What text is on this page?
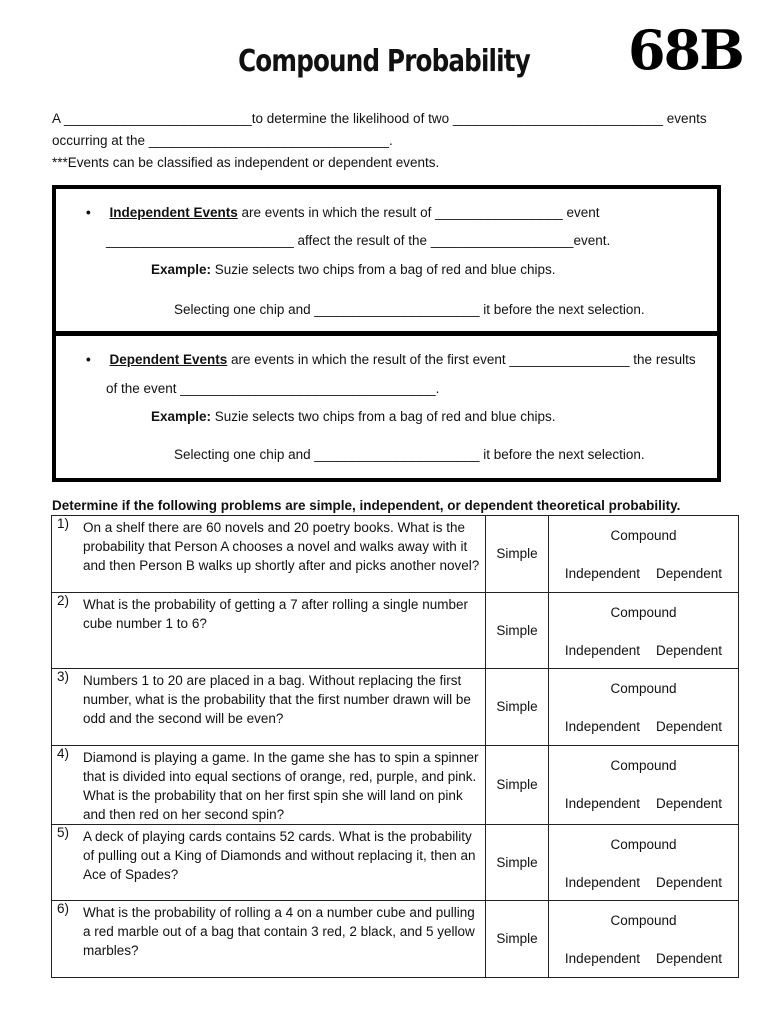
Compound Probability	68B

A _________________________to determine the likelihood of two ____________________________ events

occurring at the ________________________________.

***Events can be classified as independent or dependent events.

• Independent Events are events in which the result of _________________ event
_________________________ affect the result of the ___________________event.
Example: Suzie selects two chips from a bag of red and blue chips.
Selecting one chip and ______________________ it before the next selection.
• Dependent Events are events in which the result of the first event ________________ the results
of the event __________________________________.
Example: Suzie selects two chips from a bag of red and blue chips.
Selecting one chip and ______________________ it before the next selection.
Determine if the following problems are simple, independent, or dependent theoretical probability.
1) On a shelf there are 60 novels and 20 poetry books. What is the probability that Person A chooses a novel and walks away with it and then Person B walks up shortly after and picks another novel?	Simple	Compound
Independent Dependent

2) What is the probability of getting a 7 after rolling a single number cube number 1 to 6?	Simple	Compound
Independent Dependent

3) Numbers 1 to 20 are placed in a bag. Without replacing the first number, what is the probability that the first number drawn will be odd and the second will be even?	Simple	Compound
Independent Dependent

4) Diamond is playing a game. In the game she has to spin a spinner that is divided into equal sections of orange, red, purple, and pink. What is the probability that on her first spin she will land on pink and then red on her second spin?	Simple	Compound
Independent Dependent

5) A deck of playing cards contains 52 cards. What is the probability of pulling out a King of Diamonds and without replacing it, then an Ace of Spades?	Simple	Compound
Independent Dependent

6) What is the probability of rolling a 4 on a number cube and pulling a red marble out of a bag that contain 3 red, 2 black, and 5 yellow marbles?	Simple	Compound
Independent Dependent
